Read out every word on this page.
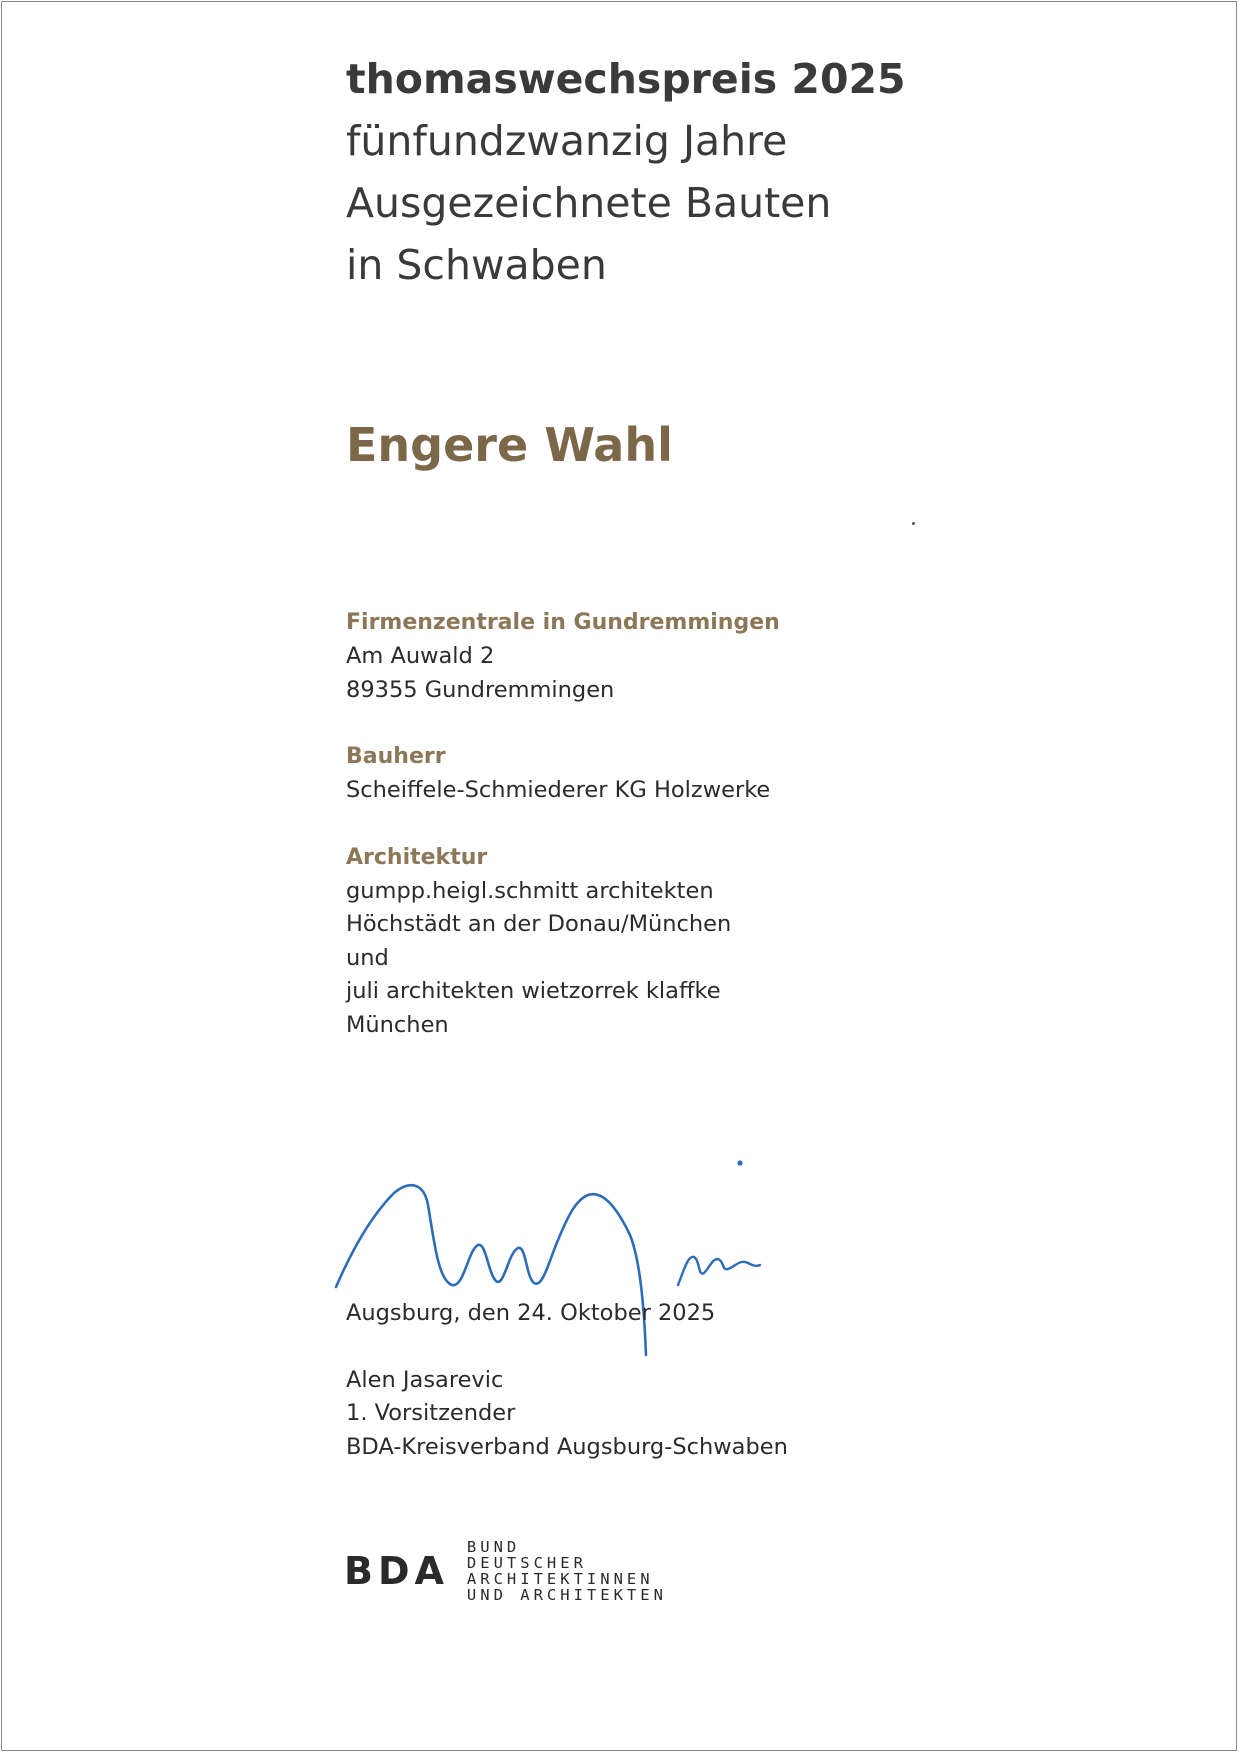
thomaswechspreis 2025
fünfundzwanzig Jahre
Ausgezeichnete Bauten
in Schwaben
Engere Wahl
Firmenzentrale in Gundremmingen
Am Auwald 2
89355 Gundremmingen
Bauherr
Scheiffele-Schmiederer KG Holzwerke
Architektur
gumpp.heigl.schmitt architekten
Höchstädt an der Donau/München
und
juli architekten wietzorrek klaffke
München
Augsburg, den 24. Oktober 2025
Alen Jasarevic
1. Vorsitzender
BDA-Kreisverband Augsburg-Schwaben
BDA
BUND
DEUTSCHER
ARCHITEKTINNEN
UND ARCHITEKTEN
